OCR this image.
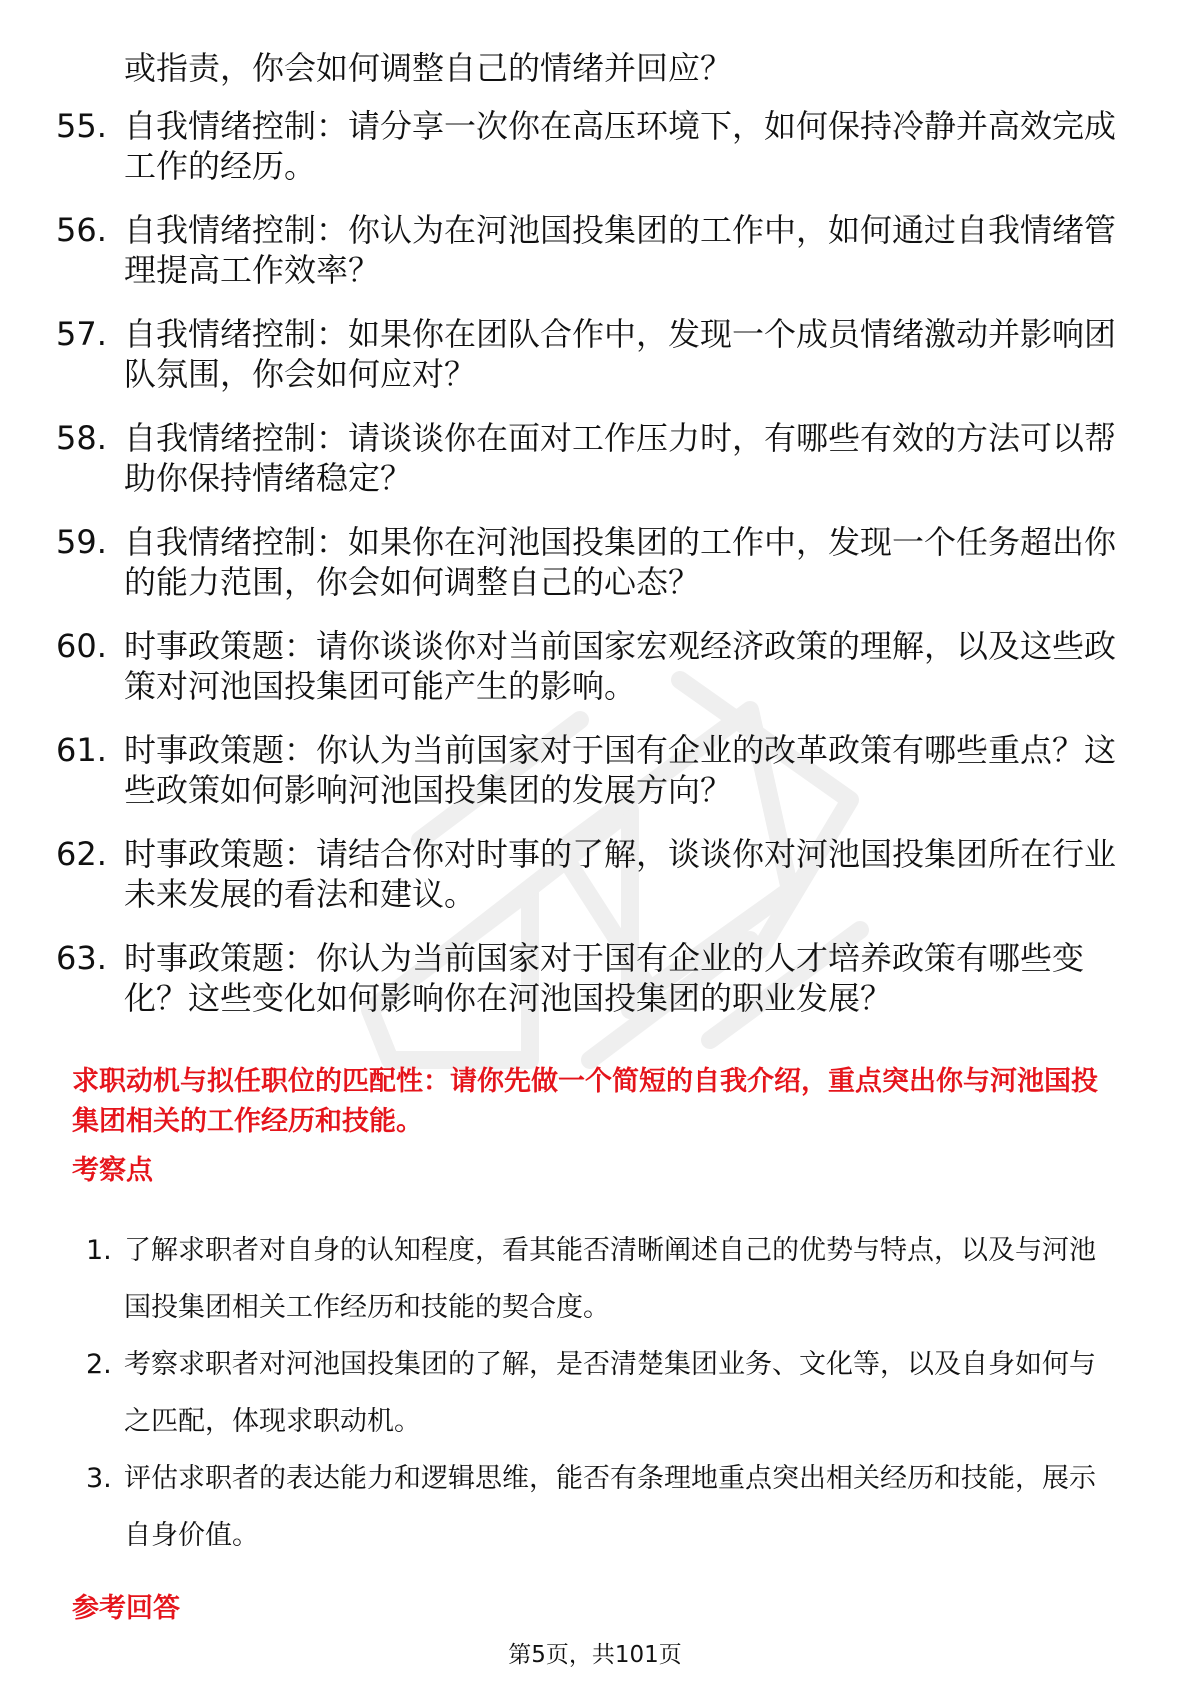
或指责，你会如何调整自己的情绪并回应？
55. 自我情绪控制：请分享一次你在高压环境下，如何保持冷静并高效完成工作的经历。
56. 自我情绪控制：你认为在河池国投集团的工作中，如何通过自我情绪管理提高工作效率？
57. 自我情绪控制：如果你在团队合作中，发现一个成员情绪激动并影响团队氛围，你会如何应对？
58. 自我情绪控制：请谈谈你在面对工作压力时，有哪些有效的方法可以帮助你保持情绪稳定？
59. 自我情绪控制：如果你在河池国投集团的工作中，发现一个任务超出你的能力范围，你会如何调整自己的心态？
60. 时事政策题：请你谈谈你对当前国家宏观经济政策的理解，以及这些政策对河池国投集团可能产生的影响。
61. 时事政策题：你认为当前国家对于国有企业的改革政策有哪些重点？这些政策如何影响河池国投集团的发展方向？
62. 时事政策题：请结合你对时事的了解，谈谈你对河池国投集团所在行业未来发展的看法和建议。
63. 时事政策题：你认为当前国家对于国有企业的人才培养政策有哪些变化？这些变化如何影响你在河池国投集团的职业发展？
求职动机与拟任职位的匹配性：请你先做一个简短的自我介绍，重点突出你与河池国投集团相关的工作经历和技能。
考察点
1. 了解求职者对自身的认知程度，看其能否清晰阐述自己的优势与特点，以及与河池国投集团相关工作经历和技能的契合度。
2. 考察求职者对河池国投集团的了解，是否清楚集团业务、文化等，以及自身如何与之匹配，体现求职动机。
3. 评估求职者的表达能力和逻辑思维，能否有条理地重点突出相关经历和技能，展示自身价值。
参考回答
第5页，共101页
